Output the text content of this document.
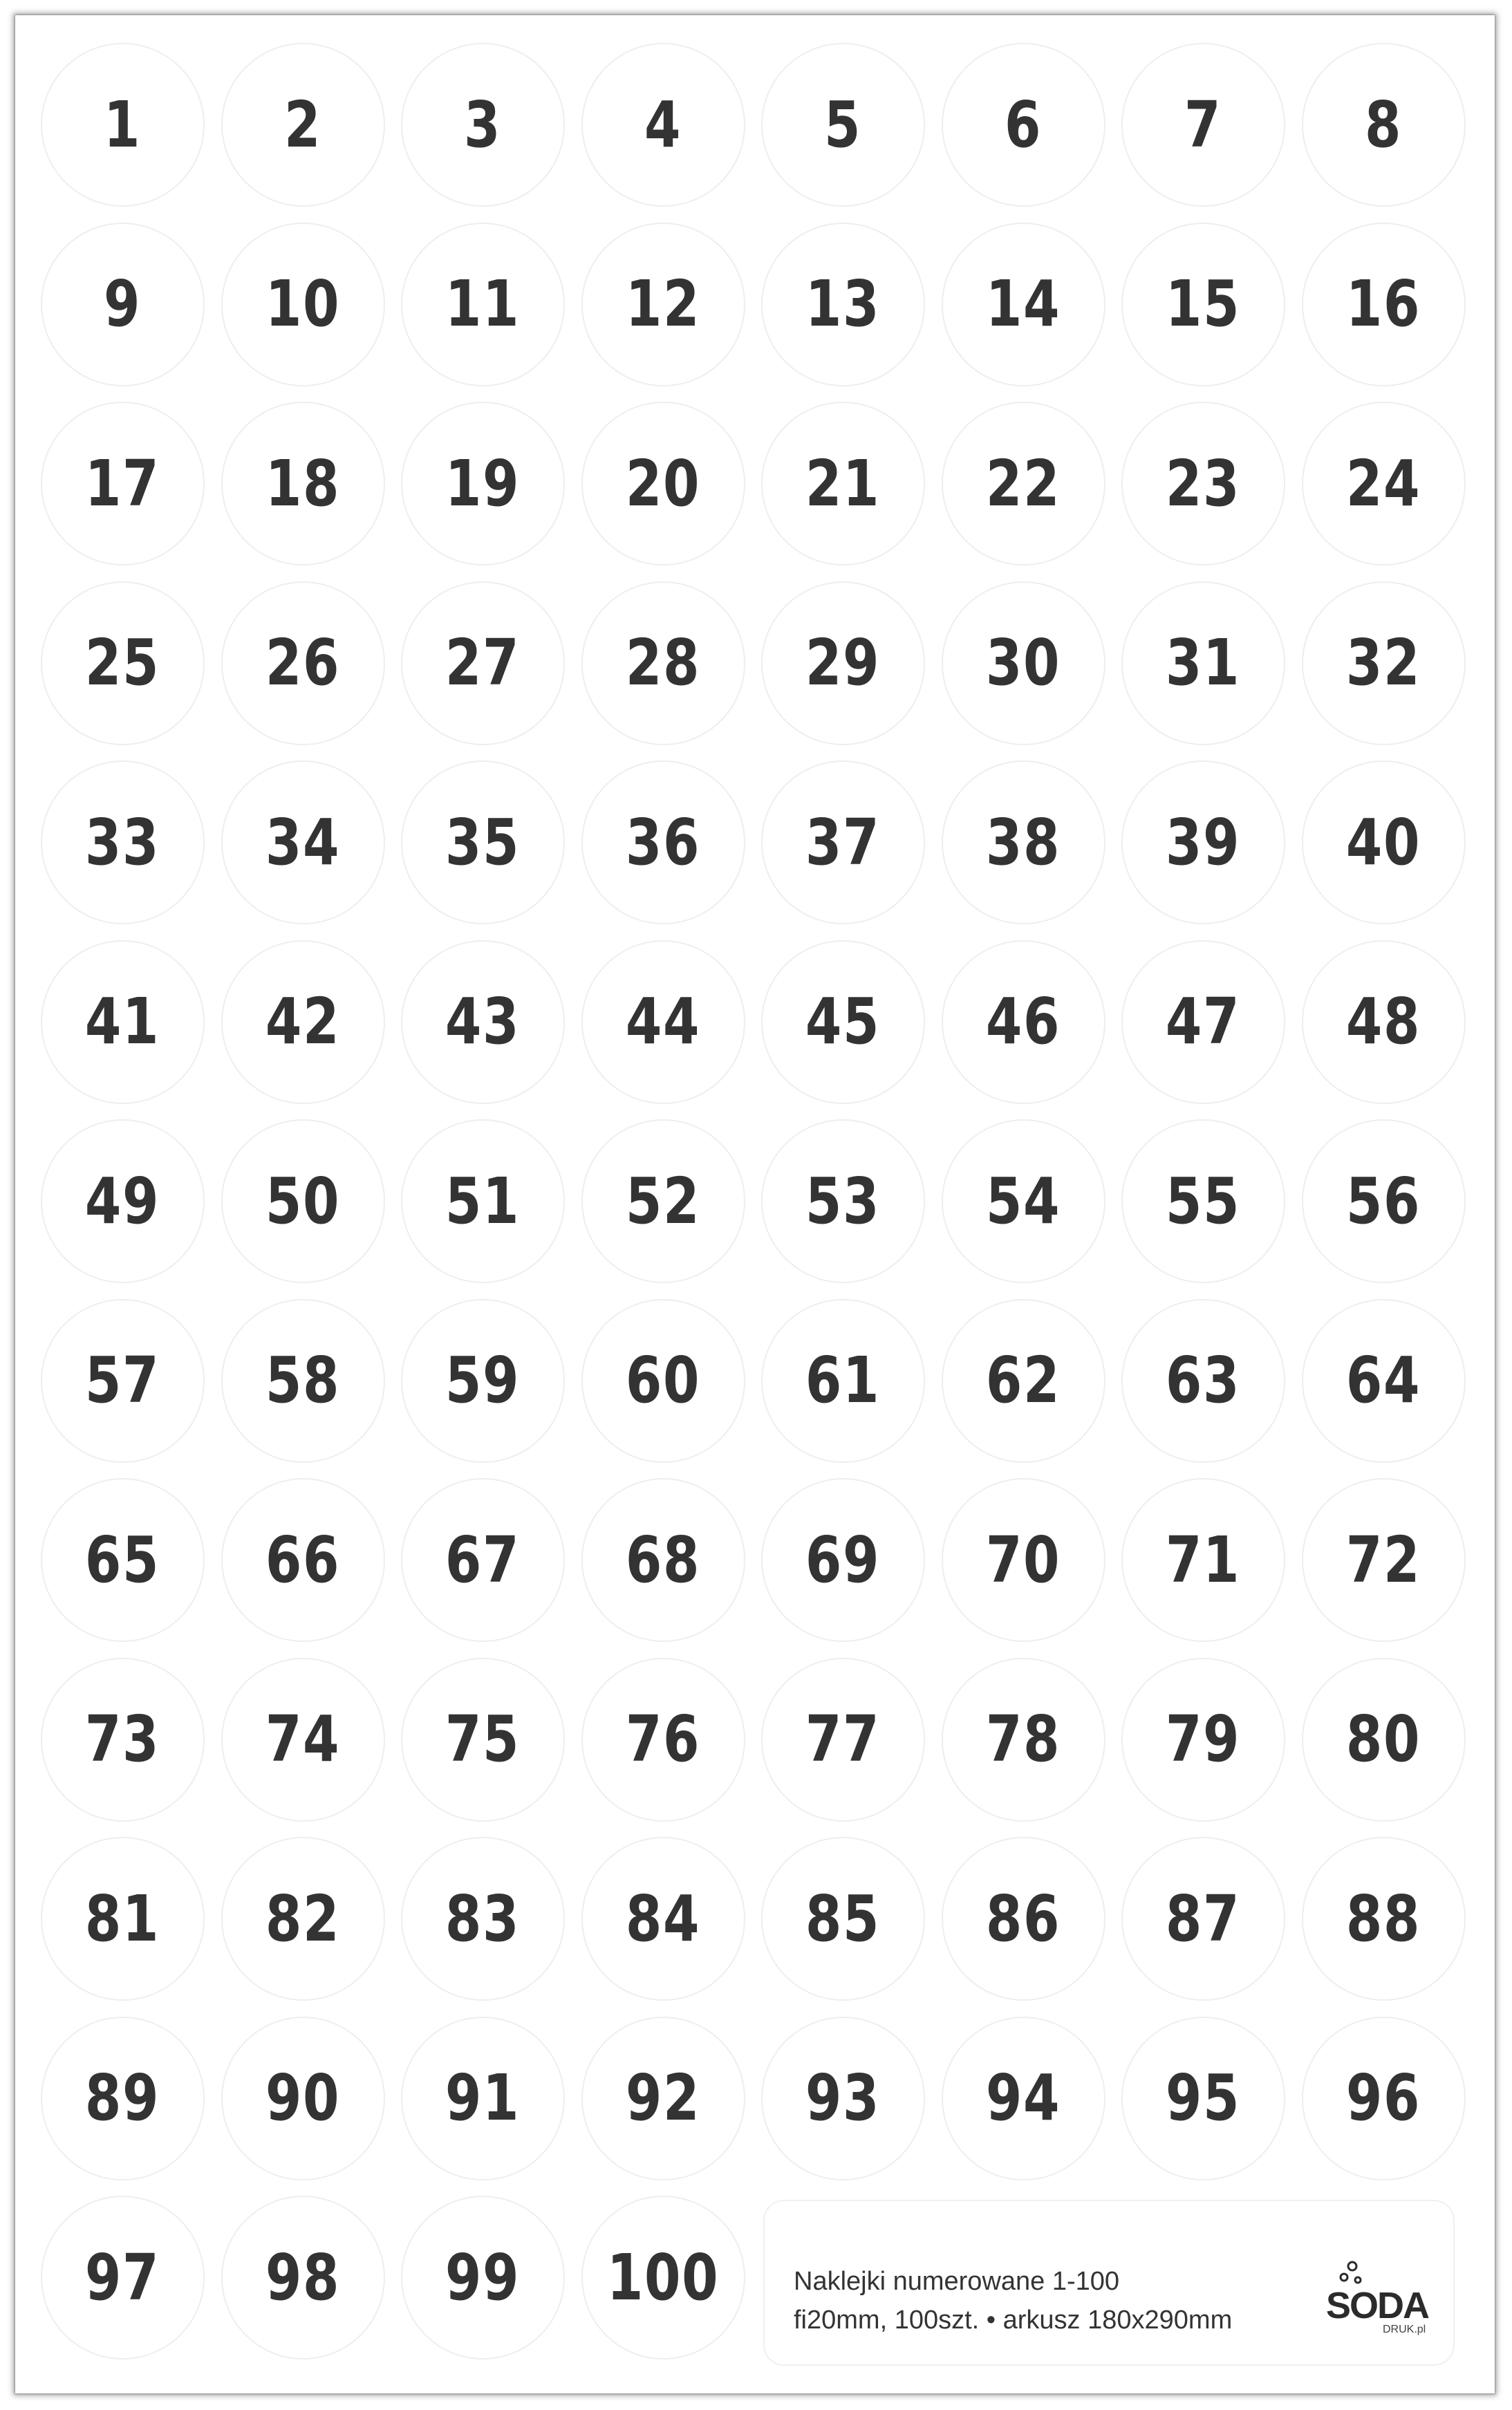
1 2 3 4 5 6 7 8
9 10 11 12 13 14 15 16
17 18 19 20 21 22 23 24
25 26 27 28 29 30 31 32
33 34 35 36 37 38 39 40
41 42 43 44 45 46 47 48
49 50 51 52 53 54 55 56
57 58 59 60 61 62 63 64
65 66 67 68 69 70 71 72
73 74 75 76 77 78 79 80
81 82 83 84 85 86 87 88
89 90 91 92 93 94 95 96
97 98 99 100	Naklejki numerowane 1-100
fi20mm, 100szt. • arkusz 180x290mm	SODA
DRUK.pl
